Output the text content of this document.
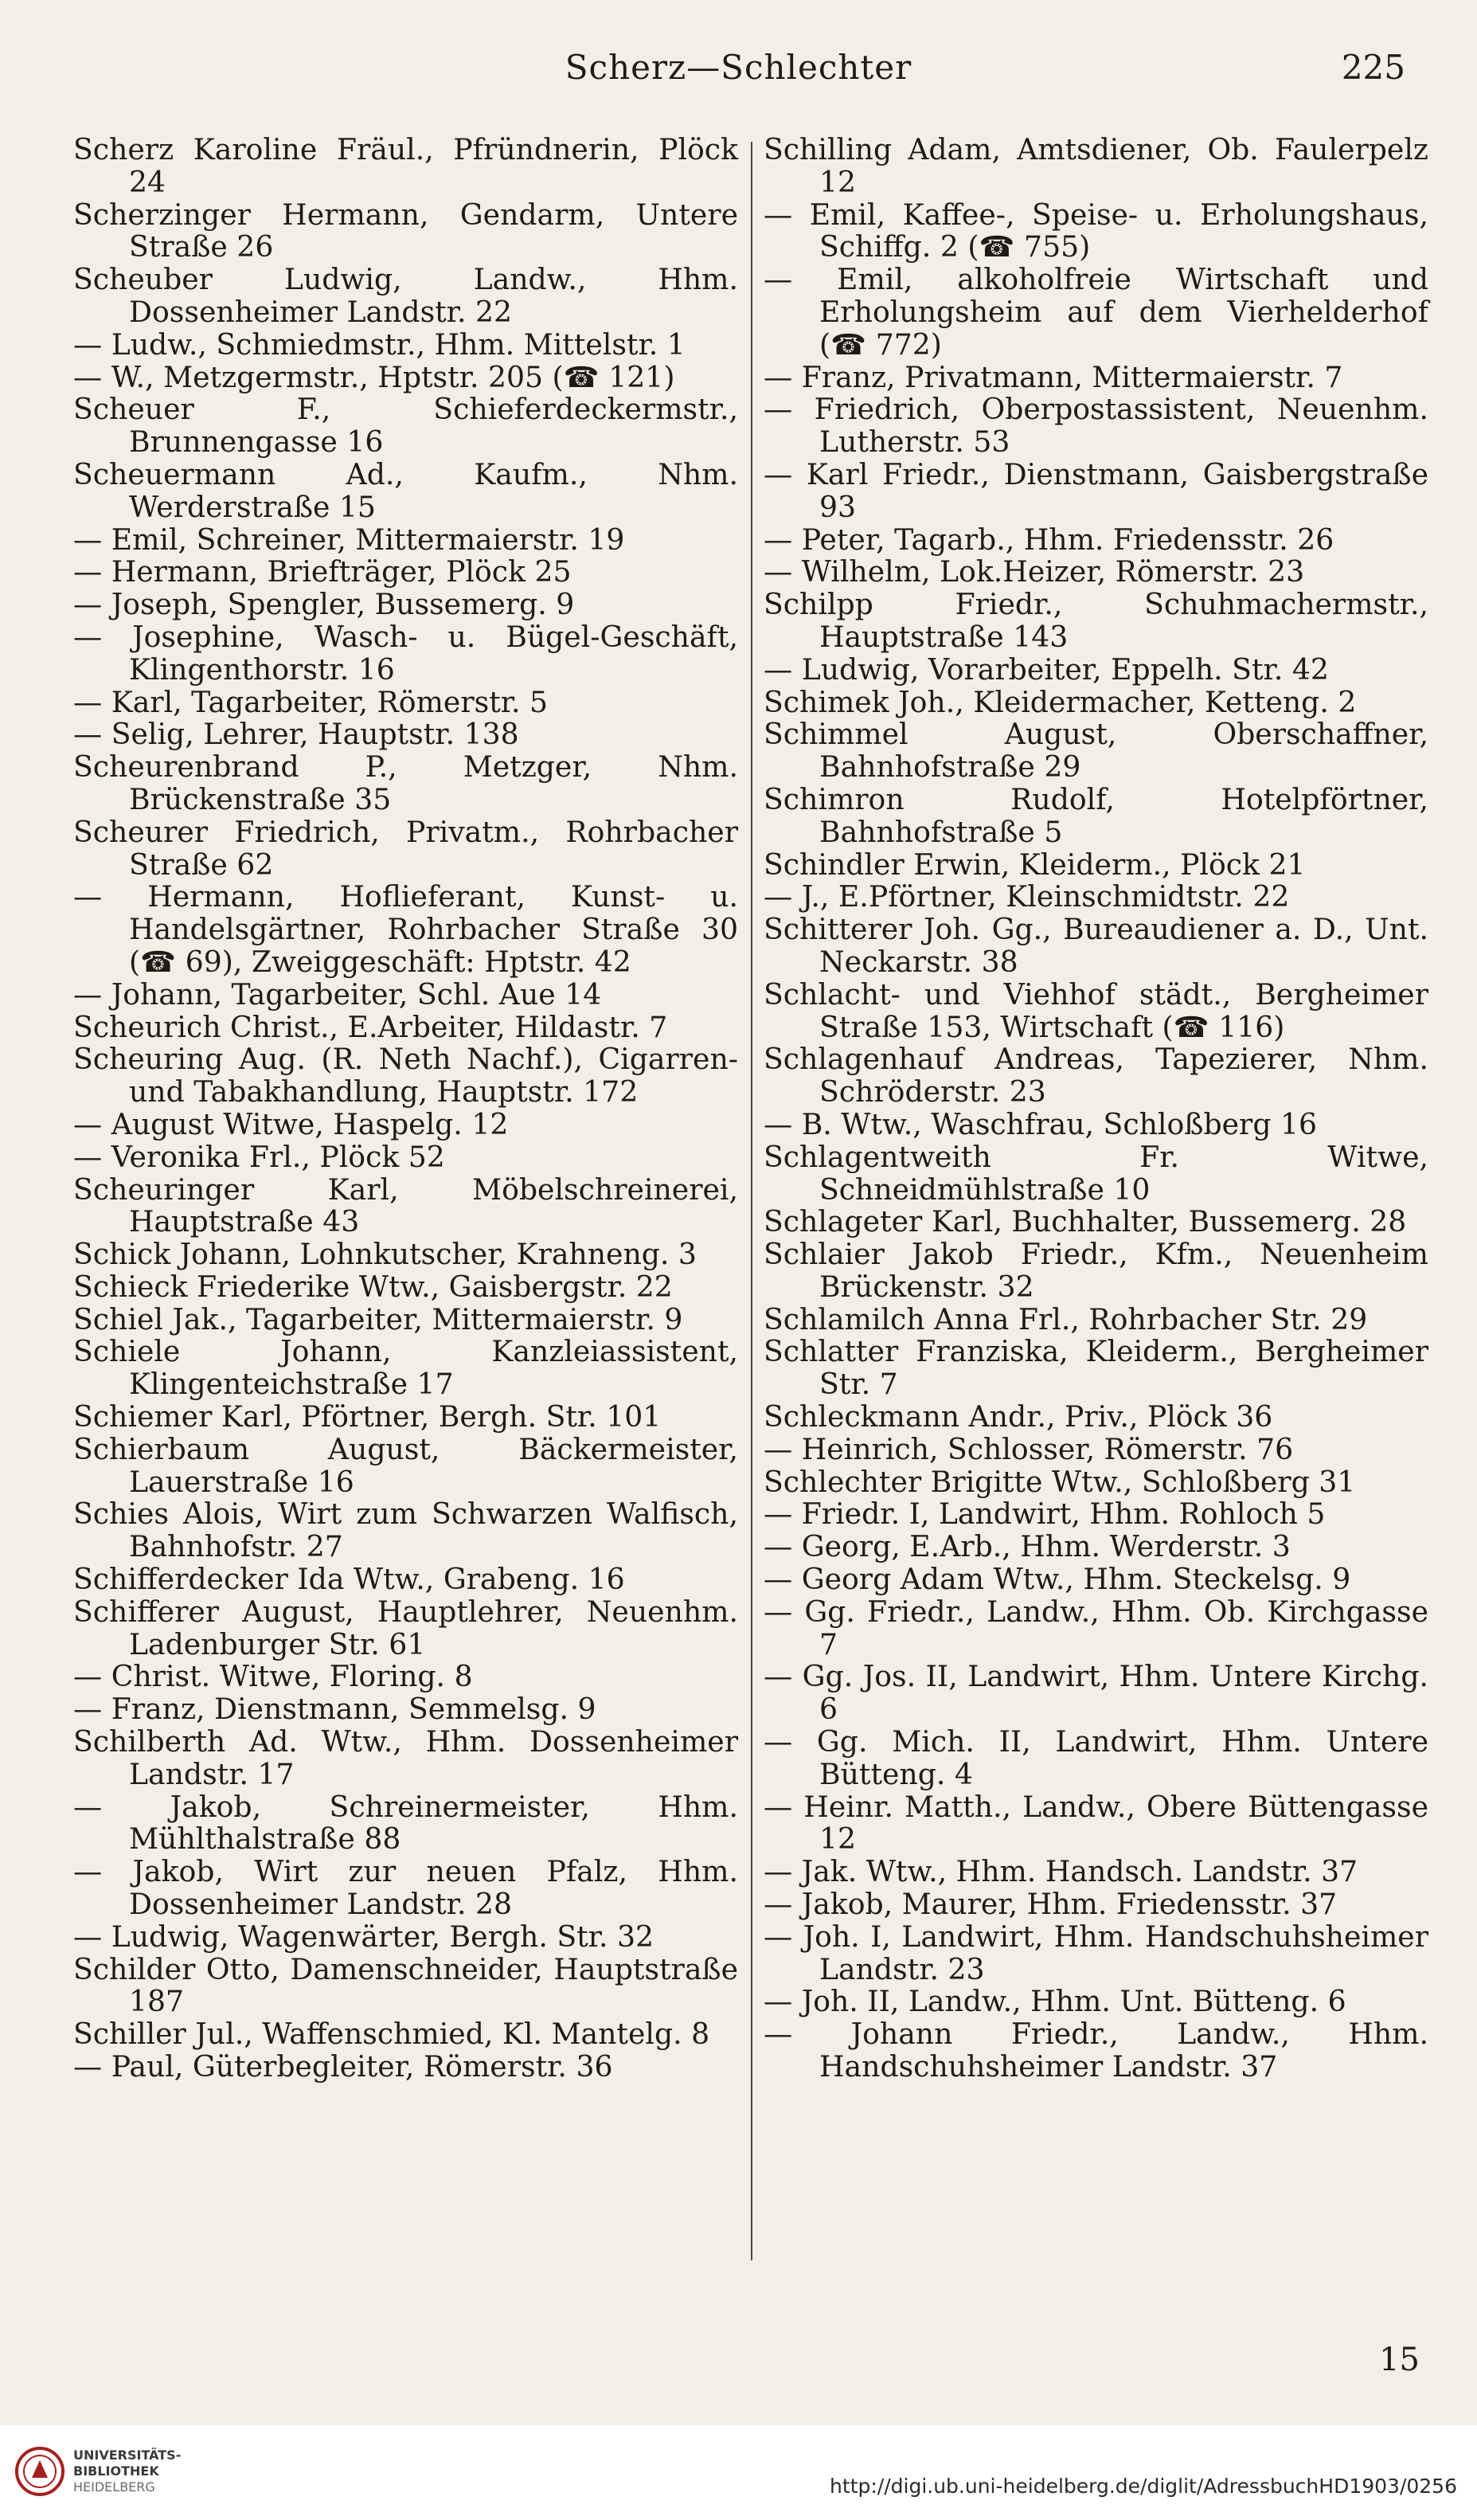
Scherz—Schlechter	225
Scherz Karoline Fräul., Pfründnerin, Plöck 24
Scherzinger Hermann, Gendarm, Untere Straße 26
Scheuber Ludwig, Landw., Hhm. Dossenheimer Landstr. 22
— Ludw., Schmiedmstr., Hhm. Mittelstr. 1
— W., Metzgermstr., Hptstr. 205 (☎ 121)
Scheuer F., Schieferdeckermstr., Brunnengasse 16
Scheuermann Ad., Kaufm., Nhm. Werderstraße 15
— Emil, Schreiner, Mittermaierstr. 19
— Hermann, Briefträger, Plöck 25
— Joseph, Spengler, Bussemerg. 9
— Josephine, Wasch- u. Bügel-Geschäft, Klingenthorstr. 16
— Karl, Tagarbeiter, Römerstr. 5
— Selig, Lehrer, Hauptstr. 138
Scheurenbrand P., Metzger, Nhm. Brückenstraße 35
Scheurer Friedrich, Privatm., Rohrbacher Straße 62
— Hermann, Hoflieferant, Kunst- u. Handelsgärtner, Rohrbacher Straße 30 (☎ 69), Zweiggeschäft: Hptstr. 42
— Johann, Tagarbeiter, Schl. Aue 14
Scheurich Christ., E.Arbeiter, Hildastr. 7
Scheuring Aug. (R. Neth Nachf.), Cigarren- und Tabakhandlung, Hauptstr. 172
— August Witwe, Haspelg. 12
— Veronika Frl., Plöck 52
Scheuringer Karl, Möbelschreinerei, Hauptstraße 43
Schick Johann, Lohnkutscher, Krahneng. 3
Schieck Friederike Wtw., Gaisbergstr. 22
Schiel Jak., Tagarbeiter, Mittermaierstr. 9
Schiele Johann, Kanzleiassistent, Klingenteichstraße 17
Schiemer Karl, Pförtner, Bergh. Str. 101
Schierbaum August, Bäckermeister, Lauerstraße 16
Schies Alois, Wirt zum Schwarzen Walfisch, Bahnhofstr. 27
Schifferdecker Ida Wtw., Grabeng. 16
Schifferer August, Hauptlehrer, Neuenhm. Ladenburger Str. 61
— Christ. Witwe, Floring. 8
— Franz, Dienstmann, Semmelsg. 9
Schilberth Ad. Wtw., Hhm. Dossenheimer Landstr. 17
— Jakob, Schreinermeister, Hhm. Mühlthalstraße 88
— Jakob, Wirt zur neuen Pfalz, Hhm. Dossenheimer Landstr. 28
— Ludwig, Wagenwärter, Bergh. Str. 32
Schilder Otto, Damenschneider, Hauptstraße 187
Schiller Jul., Waffenschmied, Kl. Mantelg. 8
— Paul, Güterbegleiter, Römerstr. 36
Schilling Adam, Amtsdiener, Ob. Faulerpelz 12
— Emil, Kaffee-, Speise- u. Erholungshaus, Schiffg. 2 (☎ 755)
— Emil, alkoholfreie Wirtschaft und Erholungsheim auf dem Vierhelderhof (☎ 772)
— Franz, Privatmann, Mittermaierstr. 7
— Friedrich, Oberpostassistent, Neuenhm. Lutherstr. 53
— Karl Friedr., Dienstmann, Gaisbergstraße 93
— Peter, Tagarb., Hhm. Friedensstr. 26
— Wilhelm, Lok.Heizer, Römerstr. 23
Schilpp Friedr., Schuhmachermstr., Hauptstraße 143
— Ludwig, Vorarbeiter, Eppelh. Str. 42
Schimek Joh., Kleidermacher, Ketteng. 2
Schimmel August, Oberschaffner, Bahnhofstraße 29
Schimron Rudolf, Hotelpförtner, Bahnhofstraße 5
Schindler Erwin, Kleiderm., Plöck 21
— J., E.Pförtner, Kleinschmidtstr. 22
Schitterer Joh. Gg., Bureaudiener a. D., Unt. Neckarstr. 38
Schlacht- und Viehhof städt., Bergheimer Straße 153, Wirtschaft (☎ 116)
Schlagenhauf Andreas, Tapezierer, Nhm. Schröderstr. 23
— B. Wtw., Waschfrau, Schloßberg 16
Schlagentweith Fr. Witwe, Schneidmühlstraße 10
Schlageter Karl, Buchhalter, Bussemerg. 28
Schlaier Jakob Friedr., Kfm., Neuenheim Brückenstr. 32
Schlamilch Anna Frl., Rohrbacher Str. 29
Schlatter Franziska, Kleiderm., Bergheimer Str. 7
Schleckmann Andr., Priv., Plöck 36
— Heinrich, Schlosser, Römerstr. 76
Schlechter Brigitte Wtw., Schloßberg 31
— Friedr. I, Landwirt, Hhm. Rohloch 5
— Georg, E.Arb., Hhm. Werderstr. 3
— Georg Adam Wtw., Hhm. Steckelsg. 9
— Gg. Friedr., Landw., Hhm. Ob. Kirchgasse 7
— Gg. Jos. II, Landwirt, Hhm. Untere Kirchg. 6
— Gg. Mich. II, Landwirt, Hhm. Untere Bütteng. 4
— Heinr. Matth., Landw., Obere Büttengasse 12
— Jak. Wtw., Hhm. Handsch. Landstr. 37
— Jakob, Maurer, Hhm. Friedensstr. 37
— Joh. I, Landwirt, Hhm. Handschuhsheimer Landstr. 23
— Joh. II, Landw., Hhm. Unt. Bütteng. 6
— Johann Friedr., Landw., Hhm. Handschuhsheimer Landstr. 37
15
UNIVERSITÄTS-
BIBLIOTHEK
HEIDELBERG	http://digi.ub.uni-heidelberg.de/diglit/AdressbuchHD1903/0256
